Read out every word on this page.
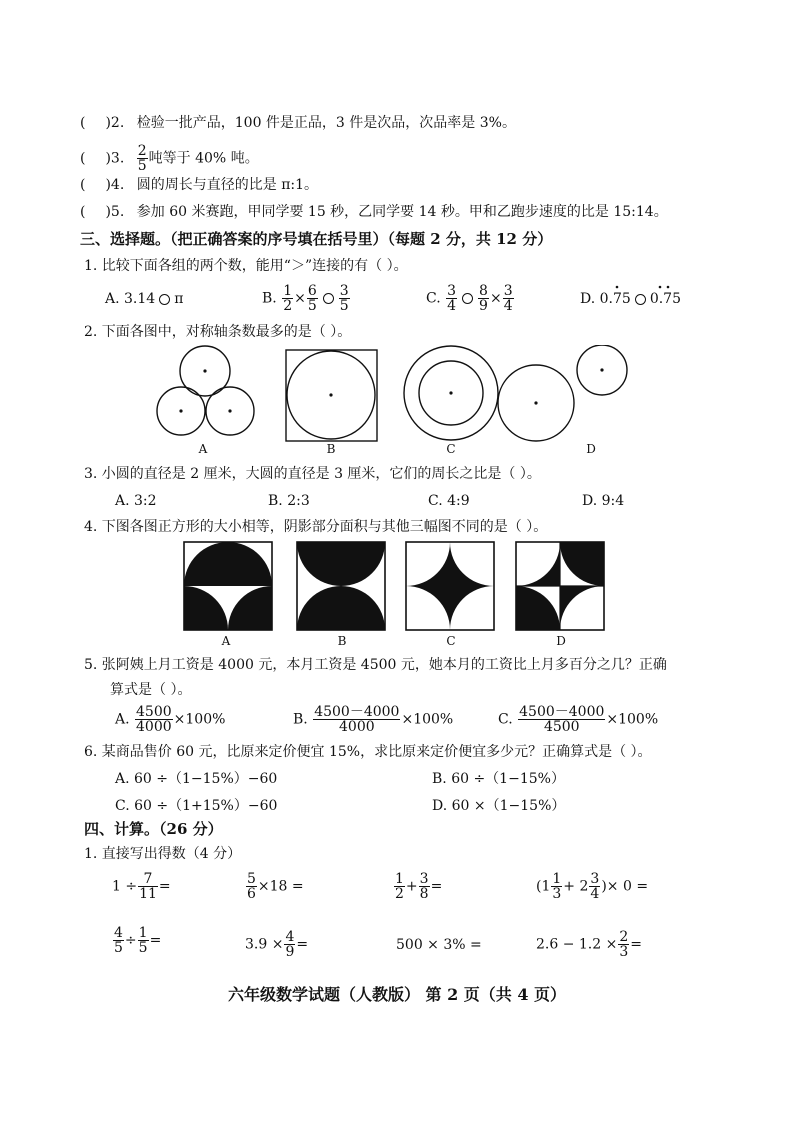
( )2. 检验一批产品，100 件是正品，3 件是次品，次品率是 3%。
( )3. $\frac{2}{5}$ 吨等于 40% 吨。
( )4. 圆的周长与直径的比是 π:1。
( )5. 参加 60 米赛跑，甲同学要 15 秒，乙同学要 14 秒。甲和乙跑步速度的比是 15:14。
三、选择题。（把正确答案的序号填在括号里）（每题 2 分，共 12 分）
1. 比较下面各组的两个数，能用“＞”连接的有（ ）。
A. 3.14 π	B. $\frac{1}{2} \times \frac{6}{5} \frac{3}{5}$	C. $\frac{3}{4} \frac{8}{9} \times \frac{3}{4}$	D. 0.75 0.75
2. 下面各图中，对称轴条数最多的是（ ）。
A	B	C	D
3. 小圆的直径是 2 厘米，大圆的直径是 3 厘米，它们的周长之比是（ ）。
A. 3:2	B. 2:3	C. 4:9	D. 9:4
4. 下图各图正方形的大小相等，阴影部分面积与其他三幅图不同的是（ ）。
A	B	C	D
5. 张阿姨上月工资是 4000 元，本月工资是 4500 元，她本月的工资比上月多百分之几？正确
算式是（ ）。
A. $\frac{4500}{4000} \times 100\%$	B. $\frac{4500-4000}{4000} \times 100\%$	C. $\frac{4500-4000}{4500} \times 100\%$
6. 某商品售价 60 元，比原来定价便宜 15%，求比原来定价便宜多少元？正确算式是（ ）。
A. 60 ÷（1−15%）−60	B. 60 ÷（1−15%）
C. 60 ÷（1+15%）−60	D. 60 ×（1−15%）
四、计算。（26 分）
1. 直接写出得数（4 分）
$1 \div \frac{7}{11}$ =	$\frac{5}{6} \times 18$ =	$\frac{1}{2} + \frac{3}{8}$ =	($1 \frac{1}{3} + 2 \frac{3}{4}$ )× 0 =
$\frac{4}{5} \div \frac{1}{5}$ =	$3.9 \times \frac{4}{9}$ =	500 × 3% =	$2.6 - 1.2 \times \frac{2}{3}$ =
六年级数学试题（人教版） 第 2 页（共 4 页）
